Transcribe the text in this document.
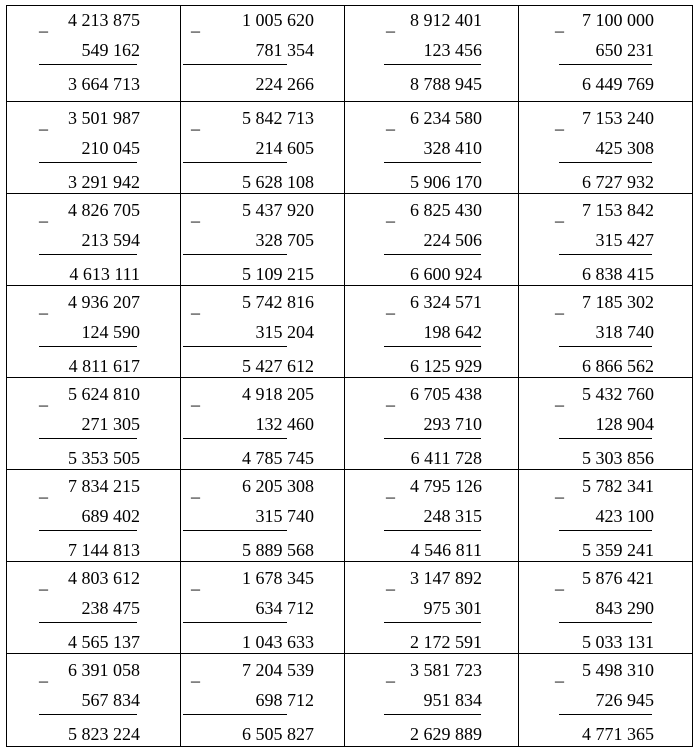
_ 4 213 875
549 162
3 664 713	_ 1 005 620
781 354
224 266	_ 8 912 401
123 456
8 788 945	_ 7 100 000
650 231
6 449 769

_ 3 501 987
210 045
3 291 942	_ 5 842 713
214 605
5 628 108	_ 6 234 580
328 410
5 906 170	_ 7 153 240
425 308
6 727 932

_ 4 826 705
213 594
4 613 111	_ 5 437 920
328 705
5 109 215	_ 6 825 430
224 506
6 600 924	_ 7 153 842
315 427
6 838 415

_ 4 936 207
124 590
4 811 617	_ 5 742 816
315 204
5 427 612	_ 6 324 571
198 642
6 125 929	_ 7 185 302
318 740
6 866 562

_ 5 624 810
271 305
5 353 505	_ 4 918 205
132 460
4 785 745	_ 6 705 438
293 710
6 411 728	_ 5 432 760
128 904
5 303 856

_ 7 834 215
689 402
7 144 813	_ 6 205 308
315 740
5 889 568	_ 4 795 126
248 315
4 546 811	_ 5 782 341
423 100
5 359 241

_ 4 803 612
238 475
4 565 137	_ 1 678 345
634 712
1 043 633	_ 3 147 892
975 301
2 172 591	_ 5 876 421
843 290
5 033 131

_ 6 391 058
567 834
5 823 224	_ 7 204 539
698 712
6 505 827	_ 3 581 723
951 834
2 629 889	_ 5 498 310
726 945
4 771 365
